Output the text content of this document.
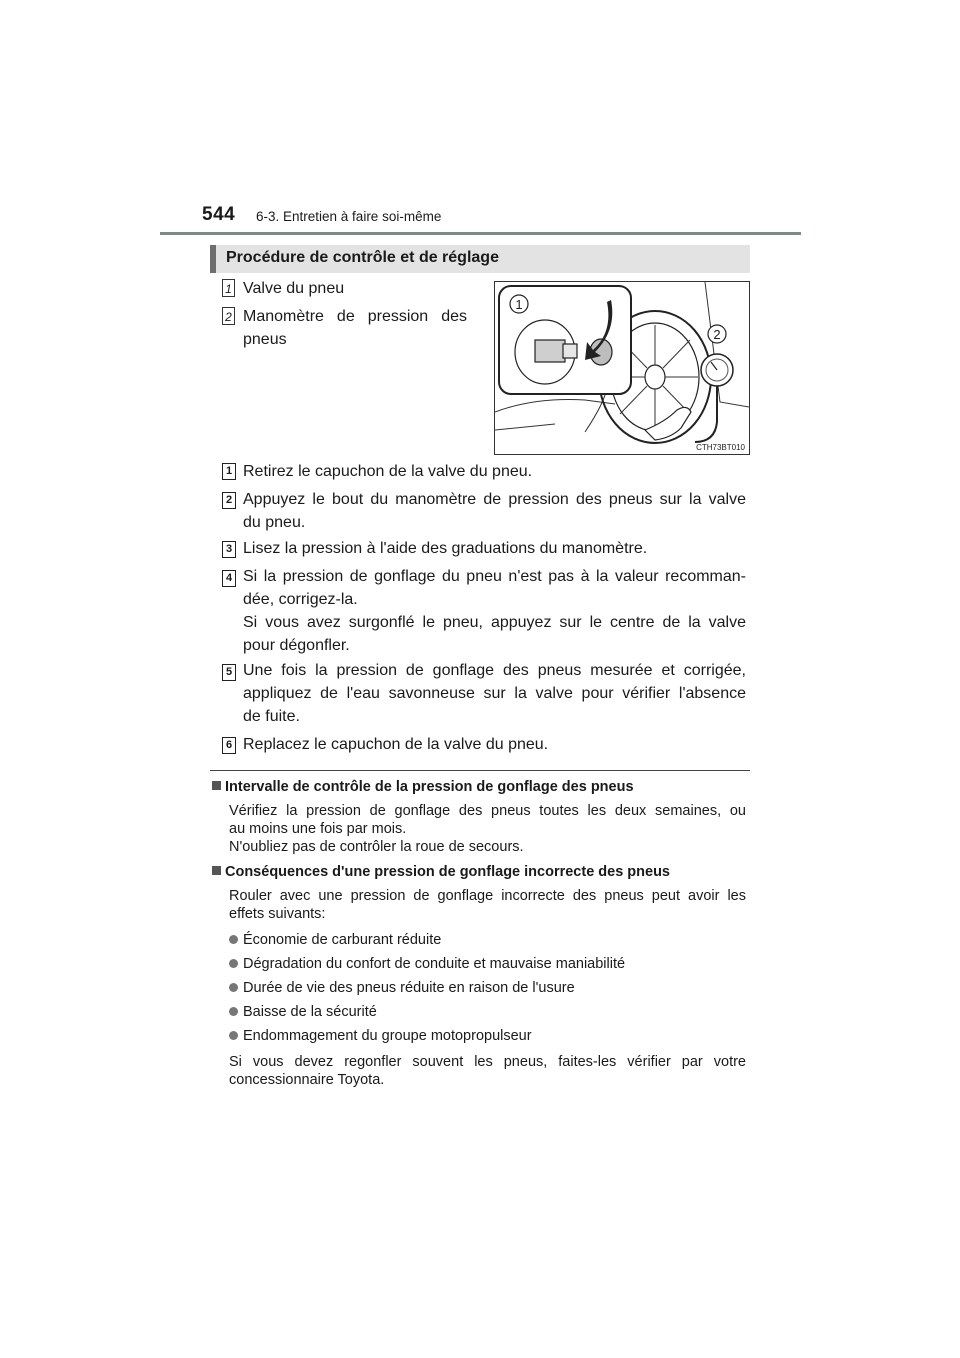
544 6-3. Entretien à faire soi-même
Procédure de contrôle et de réglage
1 Valve du pneu
2 Manomètre de pression des
pneus
1
2
CTH73BT010
1 Retirez le capuchon de la valve du pneu.
2 Appuyez le bout du manomètre de pression des pneus sur la valve
du pneu.
3 Lisez la pression à l'aide des graduations du manomètre.
4 Si la pression de gonflage du pneu n'est pas à la valeur recomman-
dée, corrigez-la.
Si vous avez surgonflé le pneu, appuyez sur le centre de la valve
pour dégonfler.
5 Une fois la pression de gonflage des pneus mesurée et corrigée,
appliquez de l'eau savonneuse sur la valve pour vérifier l'absence
de fuite.
6 Replacez le capuchon de la valve du pneu.
Intervalle de contrôle de la pression de gonflage des pneus
Vérifiez la pression de gonflage des pneus toutes les deux semaines, ou
au moins une fois par mois.
N'oubliez pas de contrôler la roue de secours.
Conséquences d'une pression de gonflage incorrecte des pneus
Rouler avec une pression de gonflage incorrecte des pneus peut avoir les
effets suivants:
Économie de carburant réduite
Dégradation du confort de conduite et mauvaise maniabilité
Durée de vie des pneus réduite en raison de l'usure
Baisse de la sécurité
Endommagement du groupe motopropulseur
Si vous devez regonfler souvent les pneus, faites-les vérifier par votre
concessionnaire Toyota.
